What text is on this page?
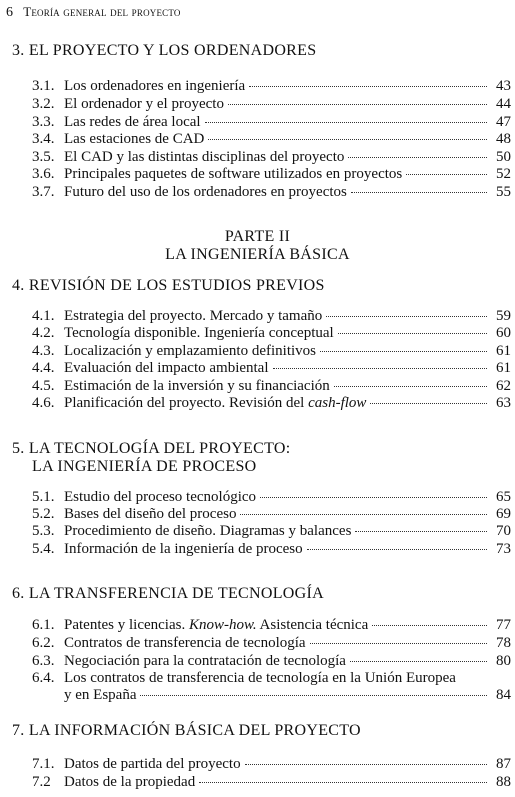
6 Teoría general del proyecto
3. EL PROYECTO Y LOS ORDENADORES
3.1. Los ordenadores en ingeniería	43
3.2. El ordenador y el proyecto	44
3.3. Las redes de área local	47
3.4. Las estaciones de CAD	48
3.5. El CAD y las distintas disciplinas del proyecto	50
3.6. Principales paquetes de software utilizados en proyectos	52
3.7. Futuro del uso de los ordenadores en proyectos	55
PARTE II
LA INGENIERÍA BÁSICA
4. REVISIÓN DE LOS ESTUDIOS PREVIOS
4.1. Estrategia del proyecto. Mercado y tamaño	59
4.2. Tecnología disponible. Ingeniería conceptual	60
4.3. Localización y emplazamiento definitivos	61
4.4. Evaluación del impacto ambiental	61
4.5. Estimación de la inversión y su financiación	62
4.6. Planificación del proyecto. Revisión del cash-flow	63
5. LA TECNOLOGÍA DEL PROYECTO:
LA INGENIERÍA DE PROCESO
5.1. Estudio del proceso tecnológico	65
5.2. Bases del diseño del proceso	69
5.3. Procedimiento de diseño. Diagramas y balances	70
5.4. Información de la ingeniería de proceso	73
6. LA TRANSFERENCIA DE TECNOLOGÍA
6.1. Patentes y licencias. Know-how. Asistencia técnica	77
6.2. Contratos de transferencia de tecnología	78
6.3. Negociación para la contratación de tecnología	80
6.4. Los contratos de transferencia de tecnología en la Unión Europea
y en España	84
7. LA INFORMACIÓN BÁSICA DEL PROYECTO
7.1. Datos de partida del proyecto	87
7.2 Datos de la propiedad	88
